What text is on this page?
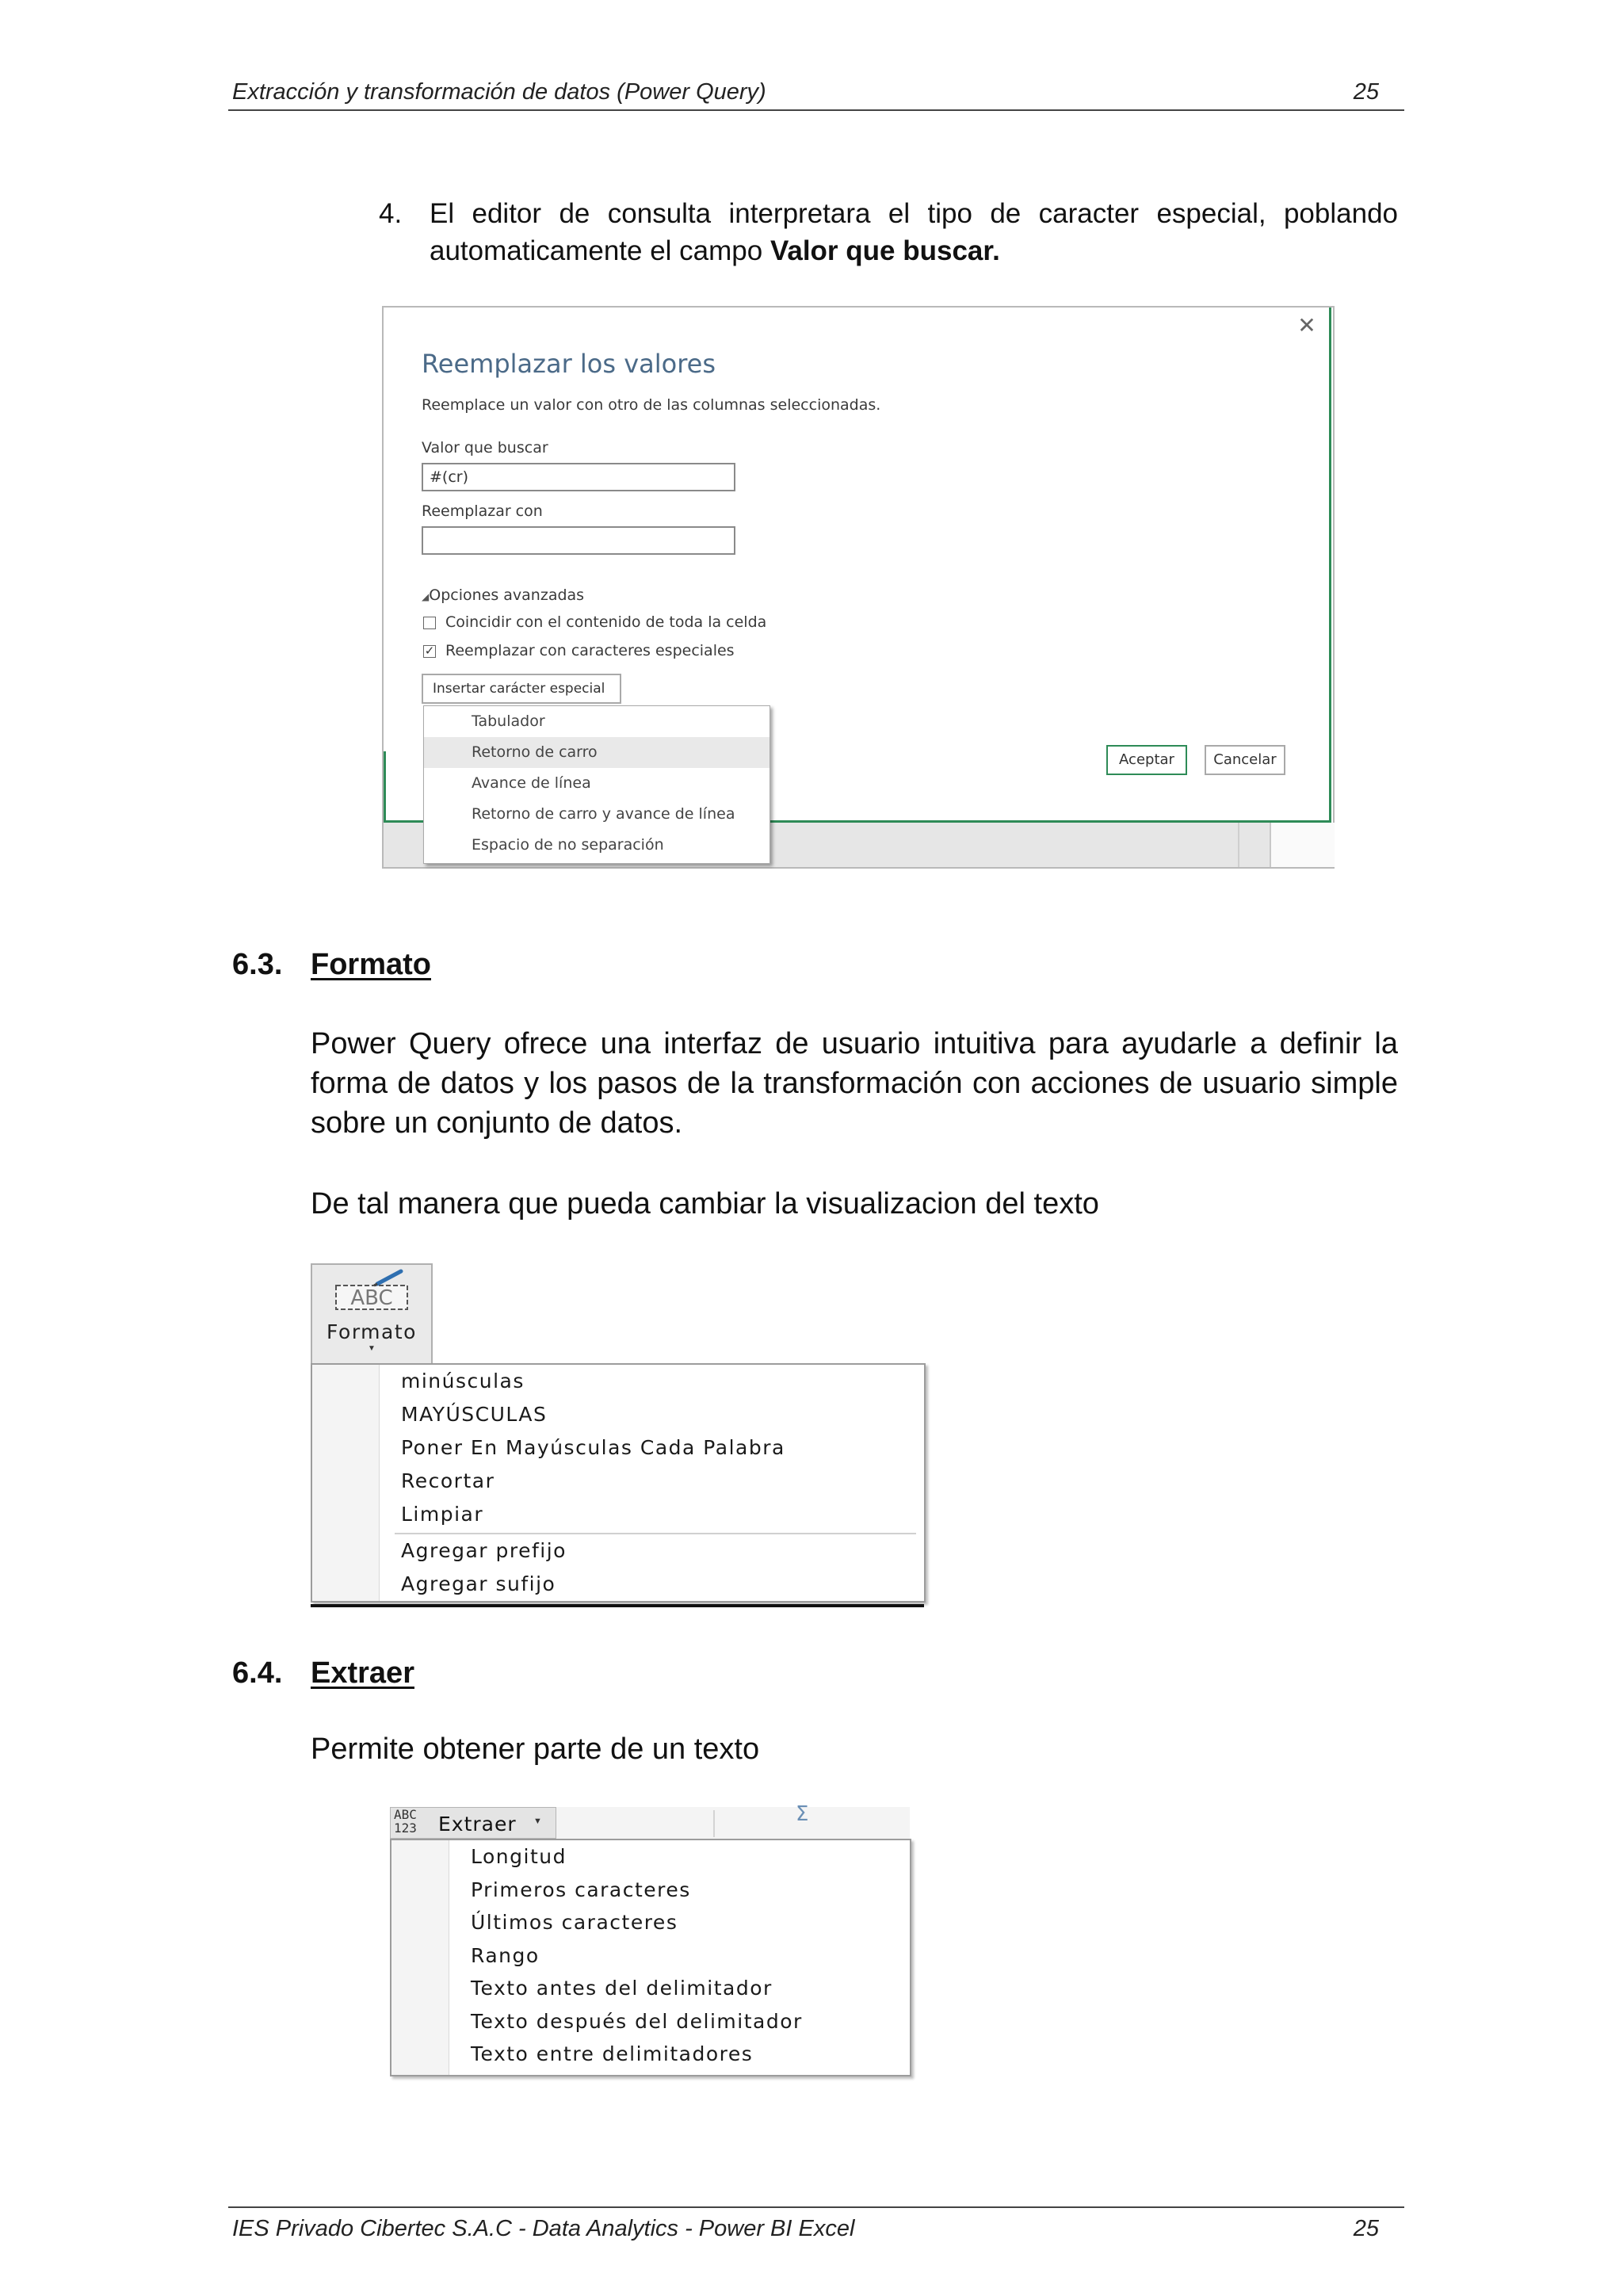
Extracción y transformación de datos (Power Query)	25
4. El editor de consulta interpretara el tipo de caracter especial, poblando
automaticamente el campo Valor que buscar.
✕
Reemplazar los valores
Reemplace un valor con otro de las columnas seleccionadas.
Valor que buscar
#(cr)
Reemplazar con
◢Opciones avanzadas
Coincidir con el contenido de toda la celda
✓ Reemplazar con caracteres especiales
Insertar carácter especial
Aceptar	Cancelar
Tabulador
Retorno de carro
Avance de línea
Retorno de carro y avance de línea
Espacio de no separación
6.3. Formato
Power Query ofrece una interfaz de usuario intuitiva para ayudarle a definir la forma de datos y los pasos de la transformación con acciones de usuario simple sobre un conjunto de datos.
De tal manera que pueda cambiar la visualizacion del texto
ABC
Formato
▼
minúsculas
MAYÚSCULAS
Poner En Mayúsculas Cada Palabra
Recortar
Limpiar
Agregar prefijo
Agregar sufijo
6.4. Extraer
Permite obtener parte de un texto
Σ
ABC
123 Extraer ▼
Longitud
Primeros caracteres
Últimos caracteres
Rango
Texto antes del delimitador
Texto después del delimitador
Texto entre delimitadores
IES Privado Cibertec S.A.C - Data Analytics - Power BI Excel	25
